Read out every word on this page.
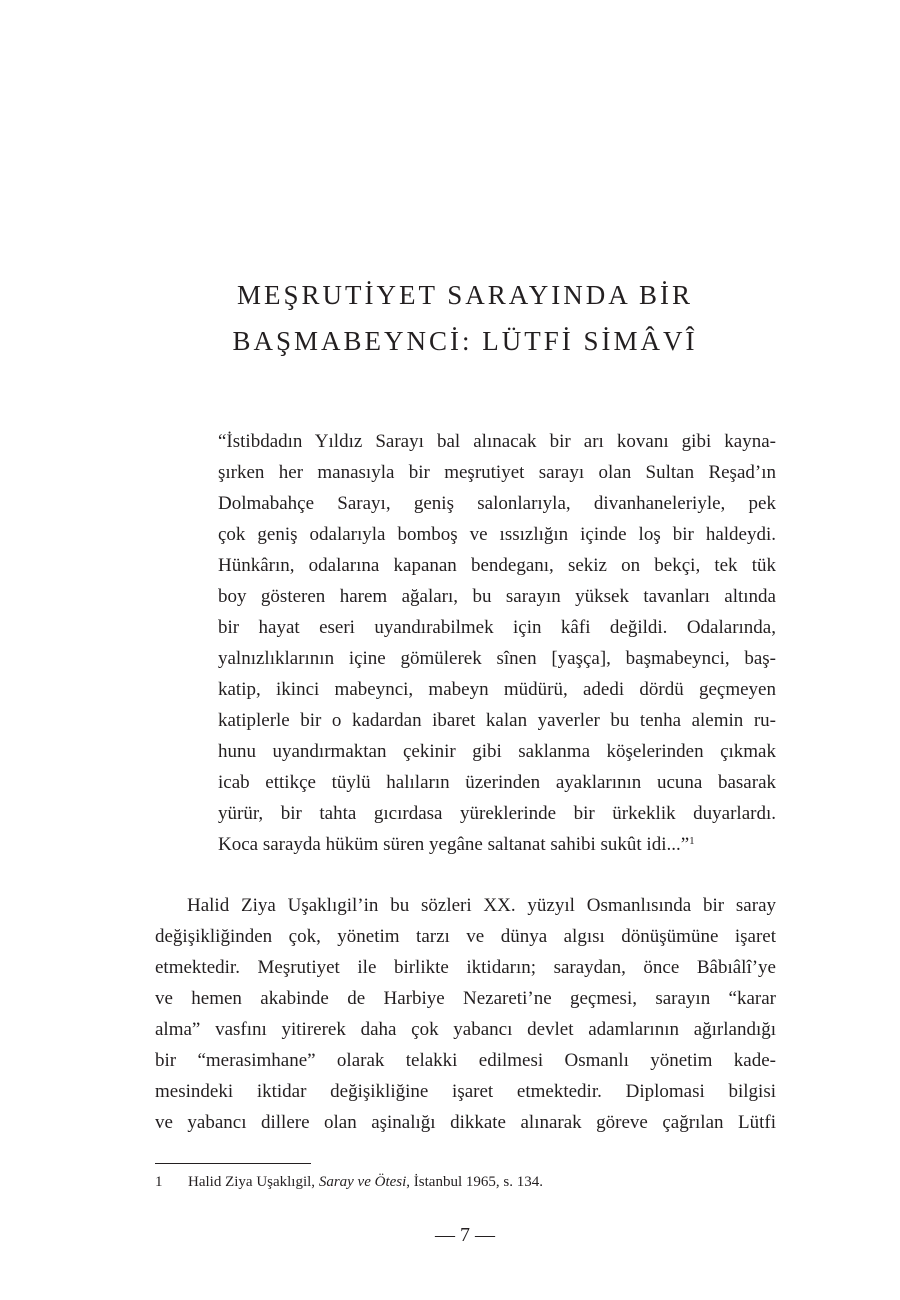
MEŞRUTİYET SARAYINDA BİR
BAŞMABEYNCİ: LÜTFİ SİMÂVÎ
“İstibdadın Yıldız Sarayı bal alınacak bir arı kovanı gibi kayna-
şırken her manasıyla bir meşrutiyet sarayı olan Sultan Reşad’ın
Dolmabahçe Sarayı, geniş salonlarıyla, divanhaneleriyle, pek
çok geniş odalarıyla bomboş ve ıssızlığın içinde loş bir haldeydi.
Hünkârın, odalarına kapanan bendeganı, sekiz on bekçi, tek tük
boy gösteren harem ağaları, bu sarayın yüksek tavanları altında
bir hayat eseri uyandırabilmek için kâfi değildi. Odalarında,
yalnızlıklarının içine gömülerek sînen [yaşça], başmabeynci, baş-
katip, ikinci mabeynci, mabeyn müdürü, adedi dördü geçmeyen
katiplerle bir o kadardan ibaret kalan yaverler bu tenha alemin ru-
hunu uyandırmaktan çekinir gibi saklanma köşelerinden çıkmak
icab ettikçe tüylü halıların üzerinden ayaklarının ucuna basarak
yürür, bir tahta gıcırdasa yüreklerinde bir ürkeklik duyarlardı.
Koca sarayda hüküm süren yegâne saltanat sahibi sukût idi...”$^1$
Halid Ziya Uşaklıgil’in bu sözleri XX. yüzyıl Osmanlısında bir saray
değişikliğinden çok, yönetim tarzı ve dünya algısı dönüşümüne işaret
etmektedir. Meşrutiyet ile birlikte iktidarın; saraydan, önce Bâbıâlî’ye
ve hemen akabinde de Harbiye Nezareti’ne geçmesi, sarayın “karar
alma” vasfını yitirerek daha çok yabancı devlet adamlarının ağırlandığı
bir “merasimhane” olarak telakki edilmesi Osmanlı yönetim kade-
mesindeki iktidar değişikliğine işaret etmektedir. Diplomasi bilgisi
ve yabancı dillere olan aşinalığı dikkate alınarak göreve çağrılan Lütfi
1 Halid Ziya Uşaklıgil, Saray ve Ötesi, İstanbul 1965, s. 134.
— 7 —
